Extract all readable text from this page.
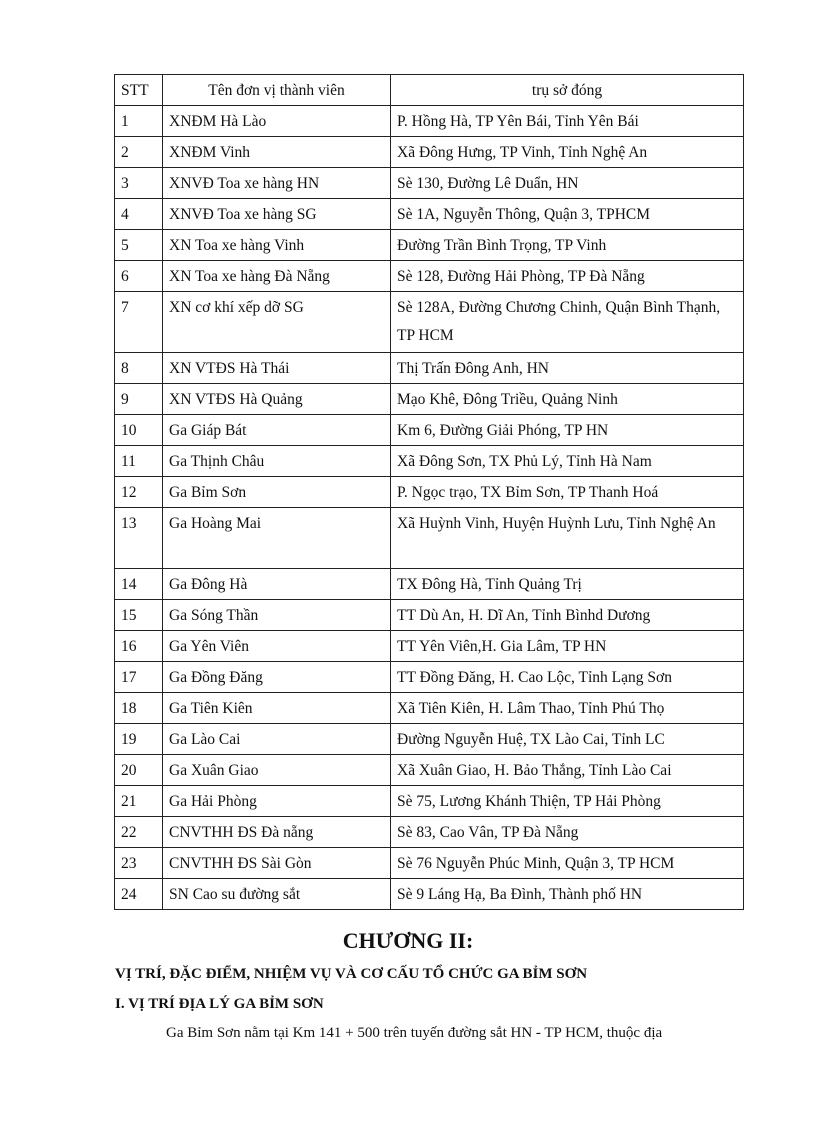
STT	Tên đơn vị thành viên	trụ sở đóng
1	XNĐM Hà Lào	P. Hồng Hà, TP Yên Bái, Tỉnh Yên Bái
2	XNĐM Vinh	Xã Đông Hưng, TP Vinh, Tỉnh Nghệ An
3	XNVĐ Toa xe hàng HN	Sè 130, Đường Lê Duẩn, HN
4	XNVĐ Toa xe hàng SG	Sè 1A, Nguyễn Thông, Quận 3, TPHCM
5	XN Toa xe hàng Vinh	Đường Trần Bình Trọng, TP Vinh
6	XN Toa xe hàng Đà Nẵng	Sè 128, Đường Hải Phòng, TP Đà Nẵng
7	XN cơ khí xếp dỡ SG	Sè 128A, Đường Chương Chinh, Quận Bình Thạnh, TP HCM
8	XN VTĐS Hà Thái	Thị Trấn Đông Anh, HN
9	XN VTĐS Hà Quảng	Mạo Khê, Đông Triều, Quảng Ninh
10	Ga Giáp Bát	Km 6, Đường Giải Phóng, TP HN
11	Ga Thịnh Châu	Xã Đông Sơn, TX Phủ Lý, Tỉnh Hà Nam
12	Ga Bỉm Sơn	P. Ngọc trạo, TX Bỉm Sơn, TP Thanh Hoá
13	Ga Hoàng Mai	Xã Huỳnh Vinh, Huyện Huỳnh Lưu, Tỉnh Nghệ An
14	Ga Đông Hà	TX Đông Hà, Tỉnh Quảng Trị
15	Ga Sóng Thần	TT Dù An, H. Dĩ An, Tỉnh Bìnhd Dương
16	Ga Yên Viên	TT Yên Viên,H. Gia Lâm, TP HN
17	Ga Đồng Đăng	TT Đồng Đăng, H. Cao Lộc, Tỉnh Lạng Sơn
18	Ga Tiên Kiên	Xã Tiên Kiên, H. Lâm Thao, Tỉnh Phú Thọ
19	Ga Lào Cai	Đường Nguyễn Huệ, TX Lào Cai, Tỉnh LC
20	Ga Xuân Giao	Xã Xuân Giao, H. Bảo Thắng, Tỉnh Lào Cai
21	Ga Hải Phòng	Sè 75, Lương Khánh Thiện, TP Hải Phòng
22	CNVTHH ĐS Đà nẵng	Sè 83, Cao Vân, TP Đà Nẵng
23	CNVTHH ĐS Sài Gòn	Sè 76 Nguyễn Phúc Minh, Quận 3, TP HCM
24	SN Cao su đường sắt	Sè 9 Láng Hạ, Ba Đình, Thành phố HN
CHƯƠNG II:

VỊ TRÍ, ĐẶC ĐIỂM, NHIỆM VỤ VÀ CƠ CẤU TỔ CHỨC GA BỈM SƠN

I. VỊ TRÍ ĐỊA LÝ GA BỈM SƠN

Ga Bỉm Sơn nằm tại Km 141 + 500 trên tuyến đường sắt HN - TP HCM, thuộc địa
